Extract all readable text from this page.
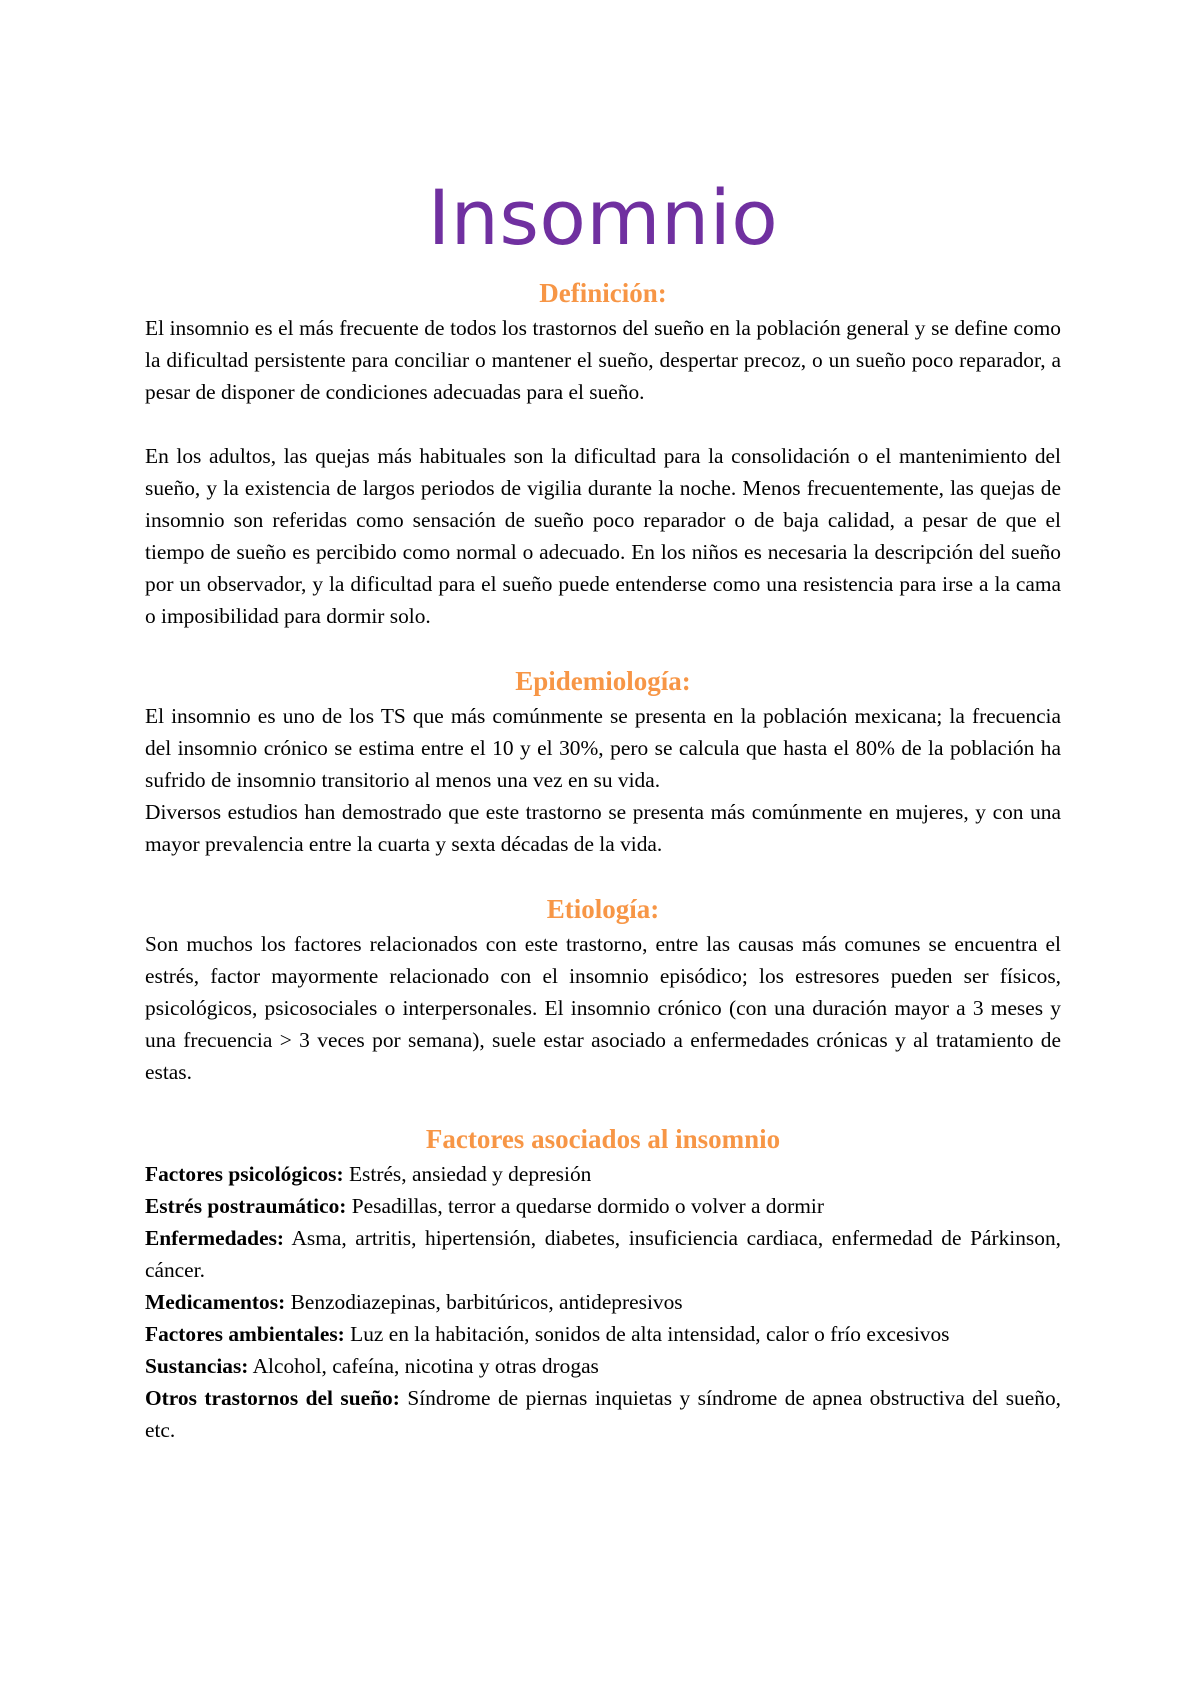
Insomnio
Definición:

El insomnio es el más frecuente de todos los trastornos del sueño en la población general y se define como la dificultad persistente para conciliar o mantener el sueño, despertar precoz, o un sueño poco reparador, a pesar de disponer de condiciones adecuadas para el sueño.

En los adultos, las quejas más habituales son la dificultad para la consolidación o el mantenimiento del sueño, y la existencia de largos periodos de vigilia durante la noche. Menos frecuentemente, las quejas de insomnio son referidas como sensación de sueño poco reparador o de baja calidad, a pesar de que el tiempo de sueño es percibido como normal o adecuado. En los niños es necesaria la descripción del sueño por un observador, y la dificultad para el sueño puede entenderse como una resistencia para irse a la cama o imposibilidad para dormir solo.

Epidemiología:

El insomnio es uno de los TS que más comúnmente se presenta en la población mexicana; la frecuencia del insomnio crónico se estima entre el 10 y el 30%, pero se calcula que hasta el 80% de la población ha sufrido de insomnio transitorio al menos una vez en su vida.

Diversos estudios han demostrado que este trastorno se presenta más comúnmente en mujeres, y con una mayor prevalencia entre la cuarta y sexta décadas de la vida.

Etiología:

Son muchos los factores relacionados con este trastorno, entre las causas más comunes se encuentra el estrés, factor mayormente relacionado con el insomnio episódico; los estresores pueden ser físicos, psicológicos, psicosociales o interpersonales. El insomnio crónico (con una duración mayor a 3 meses y una frecuencia > 3 veces por semana), suele estar asociado a enfermedades crónicas y al tratamiento de estas.

Factores asociados al insomnio
Factores psicológicos: Estrés, ansiedad y depresión
Estrés postraumático: Pesadillas, terror a quedarse dormido o volver a dormir
Enfermedades: Asma, artritis, hipertensión, diabetes, insuficiencia cardiaca, enfermedad de Párkinson, cáncer.
Medicamentos: Benzodiazepinas, barbitúricos, antidepresivos
Factores ambientales: Luz en la habitación, sonidos de alta intensidad, calor o frío excesivos
Sustancias: Alcohol, cafeína, nicotina y otras drogas
Otros trastornos del sueño: Síndrome de piernas inquietas y síndrome de apnea obstructiva del sueño, etc.
